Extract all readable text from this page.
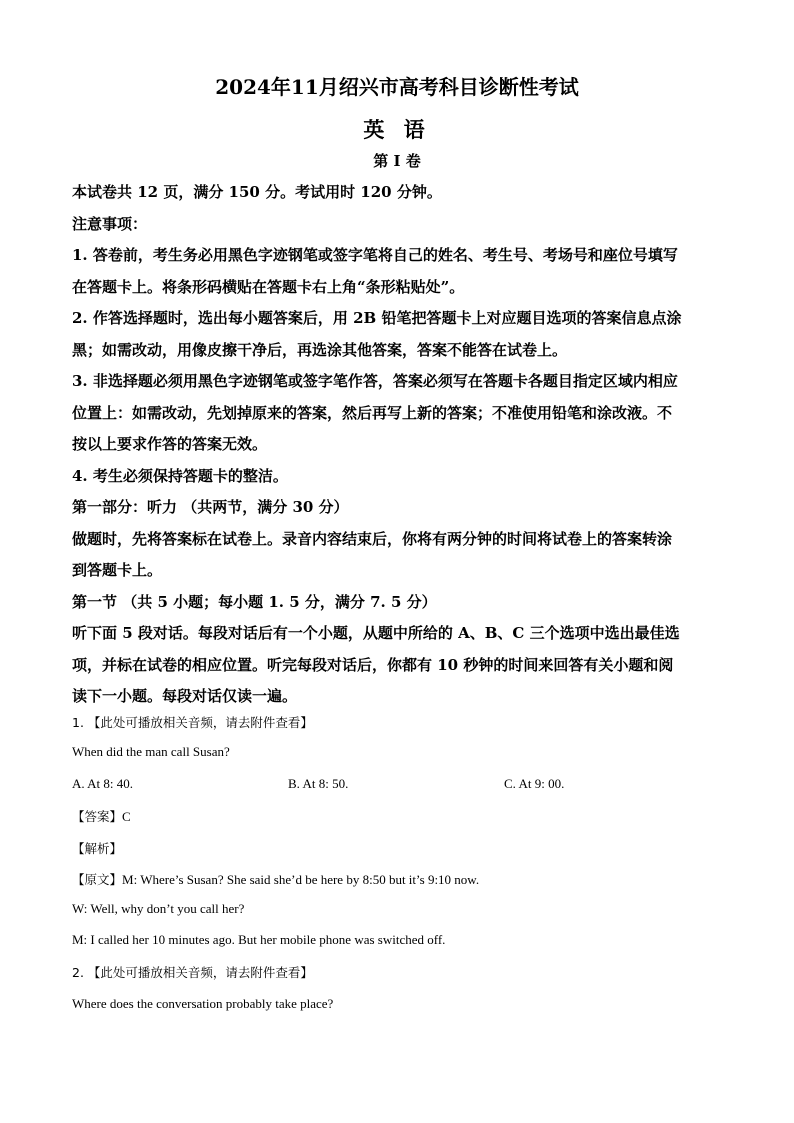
2024年11月绍兴市高考科目诊断性考试
英 语
第 I 卷

本试卷共 12 页，满分 150 分。考试用时 120 分钟。

注意事项：

1. 答卷前，考生务必用黑色字迹钢笔或签字笔将自己的姓名、考生号、考场号和座位号填写

在答题卡上。将条形码横贴在答题卡右上角“条形粘贴处”。

2. 作答选择题时，选出每小题答案后，用 2B 铅笔把答题卡上对应题目选项的答案信息点涂

黑；如需改动，用像皮擦干净后，再选涂其他答案，答案不能答在试卷上。

3. 非选择题必须用黑色字迹钢笔或签字笔作答，答案必须写在答题卡各题目指定区域内相应

位置上：如需改动，先划掉原来的答案，然后再写上新的答案；不准使用铅笔和涂改液。不

按以上要求作答的答案无效。

4. 考生必须保持答题卡的整洁。

第一部分：听力 （共两节，满分 30 分）

做题时，先将答案标在试卷上。录音内容结束后，你将有两分钟的时间将试卷上的答案转涂

到答题卡上。

第一节 （共 5 小题；每小题 1. 5 分，满分 7. 5 分）

听下面 5 段对话。每段对话后有一个小题，从题中所给的 A、B、C 三个选项中选出最佳选

项，并标在试卷的相应位置。听完每段对话后，你都有 10 秒钟的时间来回答有关小题和阅

读下一小题。每段对话仅读一遍。

1. 【此处可播放相关音频，请去附件查看】
When did the man call Susan?
A. At 8: 40.	B. At 8: 50.	C. At 9: 00.
【答案】C
【解析】
【原文】M: Where’s Susan? She said she’d be here by 8:50 but it’s 9:10 now.
W: Well, why don’t you call her?
M: I called her 10 minutes ago. But her mobile phone was switched off.
2. 【此处可播放相关音频，请去附件查看】
Where does the conversation probably take place?
